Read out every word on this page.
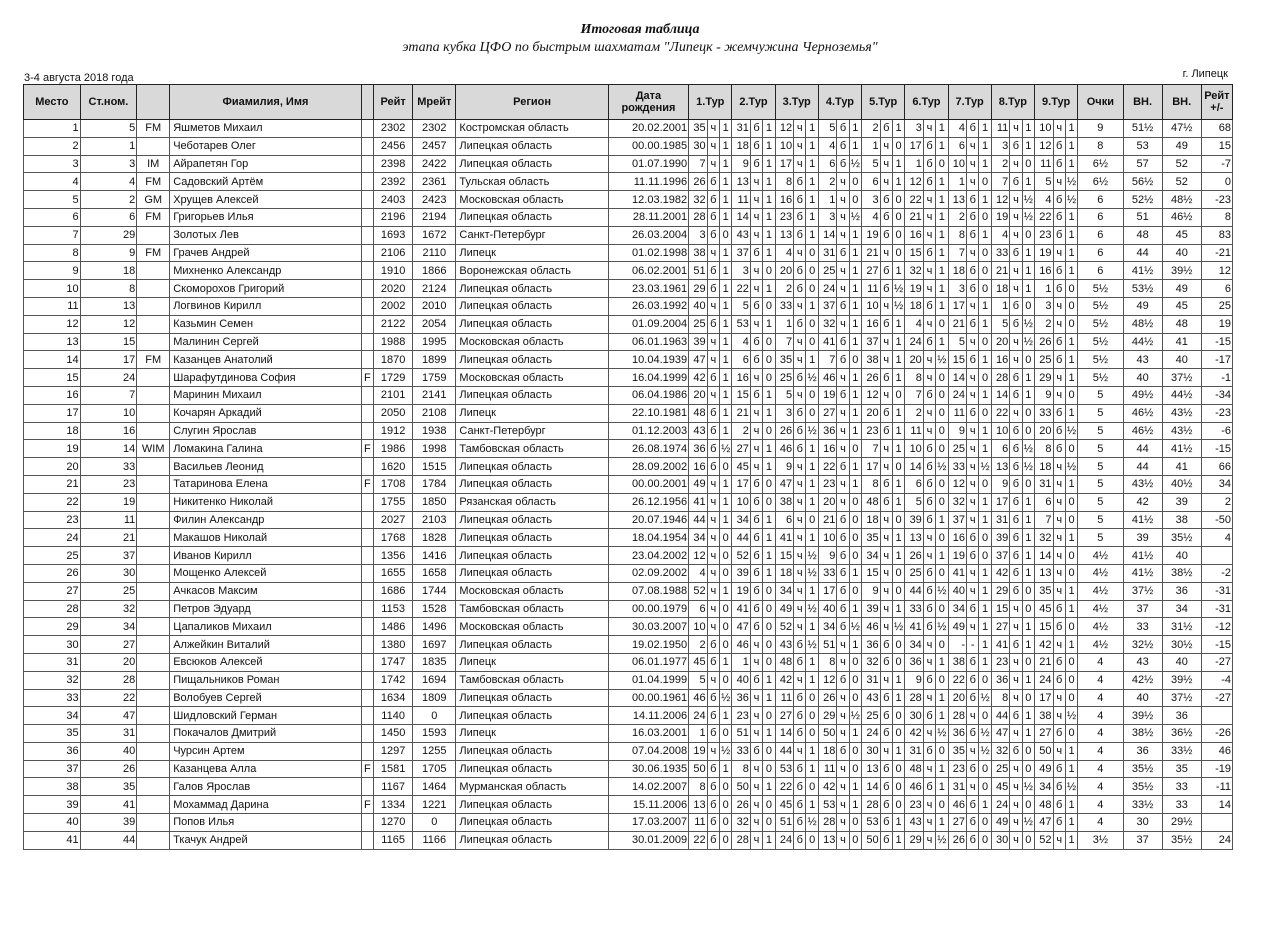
Итоговая таблица
этапа кубка ЦФО по быстрым шахматам "Липецк - жемчужина Черноземья"
3-4 августа 2018 года	г. Липецк
Место	Ст.ном.		Фиамилия, Имя		Рейт	Мрейт	Регион	Дата рождения	1.Тур			2.Тур			3.Тур			4.Тур			5.Тур			6.Тур			7.Тур			8.Тур			9.Тур			Очки	ВН.	ВН.	Рейт +/-
1	5	FM	Яшметов Михаил		2302	2302	Костромская область	20.02.2001	35	ч	1	31	б	1	12	ч	1	5	б	1	2	б	1	3	ч	1	4	б	1	11	ч	1	10	ч	1	9	51½	47½	68
2	1		Чеботарев Олег		2456	2457	Липецкая область	00.00.1985	30	ч	1	18	б	1	10	ч	1	4	б	1	1	ч	0	17	б	1	6	ч	1	3	б	1	12	б	1	8	53	49	15
3	3	IM	Айрапетян Гор		2398	2422	Липецкая область	01.07.1990	7	ч	1	9	б	1	17	ч	1	6	б	½	5	ч	1	1	б	0	10	ч	1	2	ч	0	11	б	1	6½	57	52	-7
4	4	FM	Садовский Артём		2392	2361	Тульская область	11.11.1996	26	б	1	13	ч	1	8	б	1	2	ч	0	6	ч	1	12	б	1	1	ч	0	7	б	1	5	ч	½	6½	56½	52	0
5	2	GM	Хрущев Алексей		2403	2423	Московская область	12.03.1982	32	б	1	11	ч	1	16	б	1	1	ч	0	3	б	0	22	ч	1	13	б	1	12	ч	½	4	б	½	6	52½	48½	-23
6	6	FM	Григорьев Илья		2196	2194	Липецкая область	28.11.2001	28	б	1	14	ч	1	23	б	1	3	ч	½	4	б	0	21	ч	1	2	б	0	19	ч	½	22	б	1	6	51	46½	8
7	29		Золотых Лев		1693	1672	Санкт-Петербург	26.03.2004	3	б	0	43	ч	1	13	б	1	14	ч	1	19	б	0	16	ч	1	8	б	1	4	ч	0	23	б	1	6	48	45	83
8	9	FM	Грачев Андрей		2106	2110	Липецк	01.02.1998	38	ч	1	37	б	1	4	ч	0	31	б	1	21	ч	0	15	б	1	7	ч	0	33	б	1	19	ч	1	6	44	40	-21
9	18		Михненко Александр		1910	1866	Воронежская область	06.02.2001	51	б	1	3	ч	0	20	б	0	25	ч	1	27	б	1	32	ч	1	18	б	0	21	ч	1	16	б	1	6	41½	39½	12
10	8		Скоморохов Григорий		2020	2124	Липецкая область	23.03.1961	29	б	1	22	ч	1	2	б	0	24	ч	1	11	б	½	19	ч	1	3	б	0	18	ч	1	1	б	0	5½	53½	49	6
11	13		Логвинов Кирилл		2002	2010	Липецкая область	26.03.1992	40	ч	1	5	б	0	33	ч	1	37	б	1	10	ч	½	18	б	1	17	ч	1	1	б	0	3	ч	0	5½	49	45	25
12	12		Казьмин Семен		2122	2054	Липецкая область	01.09.2004	25	б	1	53	ч	1	1	б	0	32	ч	1	16	б	1	4	ч	0	21	б	1	5	б	½	2	ч	0	5½	48½	48	19
13	15		Малинин Сергей		1988	1995	Московская область	06.01.1963	39	ч	1	4	б	0	7	ч	0	41	б	1	37	ч	1	24	б	1	5	ч	0	20	ч	½	26	б	1	5½	44½	41	-15
14	17	FM	Казанцев Анатолий		1870	1899	Липецкая область	10.04.1939	47	ч	1	6	б	0	35	ч	1	7	б	0	38	ч	1	20	ч	½	15	б	1	16	ч	0	25	б	1	5½	43	40	-17
15	24		Шарафутдинова София	F	1729	1759	Московская область	16.04.1999	42	б	1	16	ч	0	25	б	½	46	ч	1	26	б	1	8	ч	0	14	ч	0	28	б	1	29	ч	1	5½	40	37½	-1
16	7		Маринин Михаил		2101	2141	Липецкая область	06.04.1986	20	ч	1	15	б	1	5	ч	0	19	б	1	12	ч	0	7	б	0	24	ч	1	14	б	1	9	ч	0	5	49½	44½	-34
17	10		Кочарян Аркадий		2050	2108	Липецк	22.10.1981	48	б	1	21	ч	1	3	б	0	27	ч	1	20	б	1	2	ч	0	11	б	0	22	ч	0	33	б	1	5	46½	43½	-23
18	16		Слугин Ярослав		1912	1938	Санкт-Петербург	01.12.2003	43	б	1	2	ч	0	26	б	½	36	ч	1	23	б	1	11	ч	0	9	ч	1	10	б	0	20	б	½	5	46½	43½	-6
19	14	WIM	Ломакина Галина	F	1986	1998	Тамбовская область	26.08.1974	36	б	½	27	ч	1	46	б	1	16	ч	0	7	ч	1	10	б	0	25	ч	1	6	б	½	8	б	0	5	44	41½	-15
20	33		Васильев Леонид		1620	1515	Липецкая область	28.09.2002	16	б	0	45	ч	1	9	ч	1	22	б	1	17	ч	0	14	б	½	33	ч	½	13	б	½	18	ч	½	5	44	41	66
21	23		Татаринова Елена	F	1708	1784	Липецкая область	00.00.2001	49	ч	1	17	б	0	47	ч	1	23	ч	1	8	б	1	6	б	0	12	ч	0	9	б	0	31	ч	1	5	43½	40½	34
22	19		Никитенко Николай		1755	1850	Рязанская область	26.12.1956	41	ч	1	10	б	0	38	ч	1	20	ч	0	48	б	1	5	б	0	32	ч	1	17	б	1	6	ч	0	5	42	39	2
23	11		Филин Александр		2027	2103	Липецкая область	20.07.1946	44	ч	1	34	б	1	6	ч	0	21	б	0	18	ч	0	39	б	1	37	ч	1	31	б	1	7	ч	0	5	41½	38	-50
24	21		Макашов Николай		1768	1828	Липецкая область	18.04.1954	34	ч	0	44	б	1	41	ч	1	10	б	0	35	ч	1	13	ч	0	16	б	0	39	б	1	32	ч	1	5	39	35½	4
25	37		Иванов Кирилл		1356	1416	Липецкая область	23.04.2002	12	ч	0	52	б	1	15	ч	½	9	б	0	34	ч	1	26	ч	1	19	б	0	37	б	1	14	ч	0	4½	41½	40	
26	30		Мощенко Алексей		1655	1658	Липецкая область	02.09.2002	4	ч	0	39	б	1	18	ч	½	33	б	1	15	ч	0	25	б	0	41	ч	1	42	б	1	13	ч	0	4½	41½	38½	-2
27	25		Ачкасов Максим		1686	1744	Московская область	07.08.1988	52	ч	1	19	б	0	34	ч	1	17	б	0	9	ч	0	44	б	½	40	ч	1	29	б	0	35	ч	1	4½	37½	36	-31
28	32		Петров Эдуард		1153	1528	Тамбовская область	00.00.1979	6	ч	0	41	б	0	49	ч	½	40	б	1	39	ч	1	33	б	0	34	б	1	15	ч	0	45	б	1	4½	37	34	-31
29	34		Цапаликов Михаил		1486	1496	Московская область	30.03.2007	10	ч	0	47	б	0	52	ч	1	34	б	½	46	ч	½	41	б	½	49	ч	1	27	ч	1	15	б	0	4½	33	31½	-12
30	27		Алжейкин Виталий		1380	1697	Липецкая область	19.02.1950	2	б	0	46	ч	0	43	б	½	51	ч	1	36	б	0	34	ч	0	-	-	1	41	б	1	42	ч	1	4½	32½	30½	-15
31	20		Евсюков Алексей		1747	1835	Липецк	06.01.1977	45	б	1	1	ч	0	48	б	1	8	ч	0	32	б	0	36	ч	1	38	б	1	23	ч	0	21	б	0	4	43	40	-27
32	28		Пищальников Роман		1742	1694	Тамбовская область	01.04.1999	5	ч	0	40	б	1	42	ч	1	12	б	0	31	ч	1	9	б	0	22	б	0	36	ч	1	24	б	0	4	42½	39½	-4
33	22		Волобуев Сергей		1634	1809	Липецкая область	00.00.1961	46	б	½	36	ч	1	11	б	0	26	ч	0	43	б	1	28	ч	1	20	б	½	8	ч	0	17	ч	0	4	40	37½	-27
34	47		Шидловский Герман		1140	0	Липецкая область	14.11.2006	24	б	1	23	ч	0	27	б	0	29	ч	½	25	б	0	30	б	1	28	ч	0	44	б	1	38	ч	½	4	39½	36	
35	31		Покачалов Дмитрий		1450	1593	Липецк	16.03.2001	1	б	0	51	ч	1	14	б	0	50	ч	1	24	б	0	42	ч	½	36	б	½	47	ч	1	27	б	0	4	38½	36½	-26
36	40		Чурсин Артем		1297	1255	Липецкая область	07.04.2008	19	ч	½	33	б	0	44	ч	1	18	б	0	30	ч	1	31	б	0	35	ч	½	32	б	0	50	ч	1	4	36	33½	46
37	26		Казанцева Алла	F	1581	1705	Липецкая область	30.06.1935	50	б	1	8	ч	0	53	б	1	11	ч	0	13	б	0	48	ч	1	23	б	0	25	ч	0	49	б	1	4	35½	35	-19
38	35		Галов Ярослав		1167	1464	Мурманская область	14.02.2007	8	б	0	50	ч	1	22	б	0	42	ч	1	14	б	0	46	б	1	31	ч	0	45	ч	½	34	б	½	4	35½	33	-11
39	41		Мохаммад Дарина	F	1334	1221	Липецкая область	15.11.2006	13	б	0	26	ч	0	45	б	1	53	ч	1	28	б	0	23	ч	0	46	б	1	24	ч	0	48	б	1	4	33½	33	14
40	39		Попов Илья		1270	0	Липецкая область	17.03.2007	11	б	0	32	ч	0	51	б	½	28	ч	0	53	б	1	43	ч	1	27	б	0	49	ч	½	47	б	1	4	30	29½	
41	44		Ткачук Андрей		1165	1166	Липецкая область	30.01.2009	22	б	0	28	ч	1	24	б	0	13	ч	0	50	б	1	29	ч	½	26	б	0	30	ч	0	52	ч	1	3½	37	35½	24
